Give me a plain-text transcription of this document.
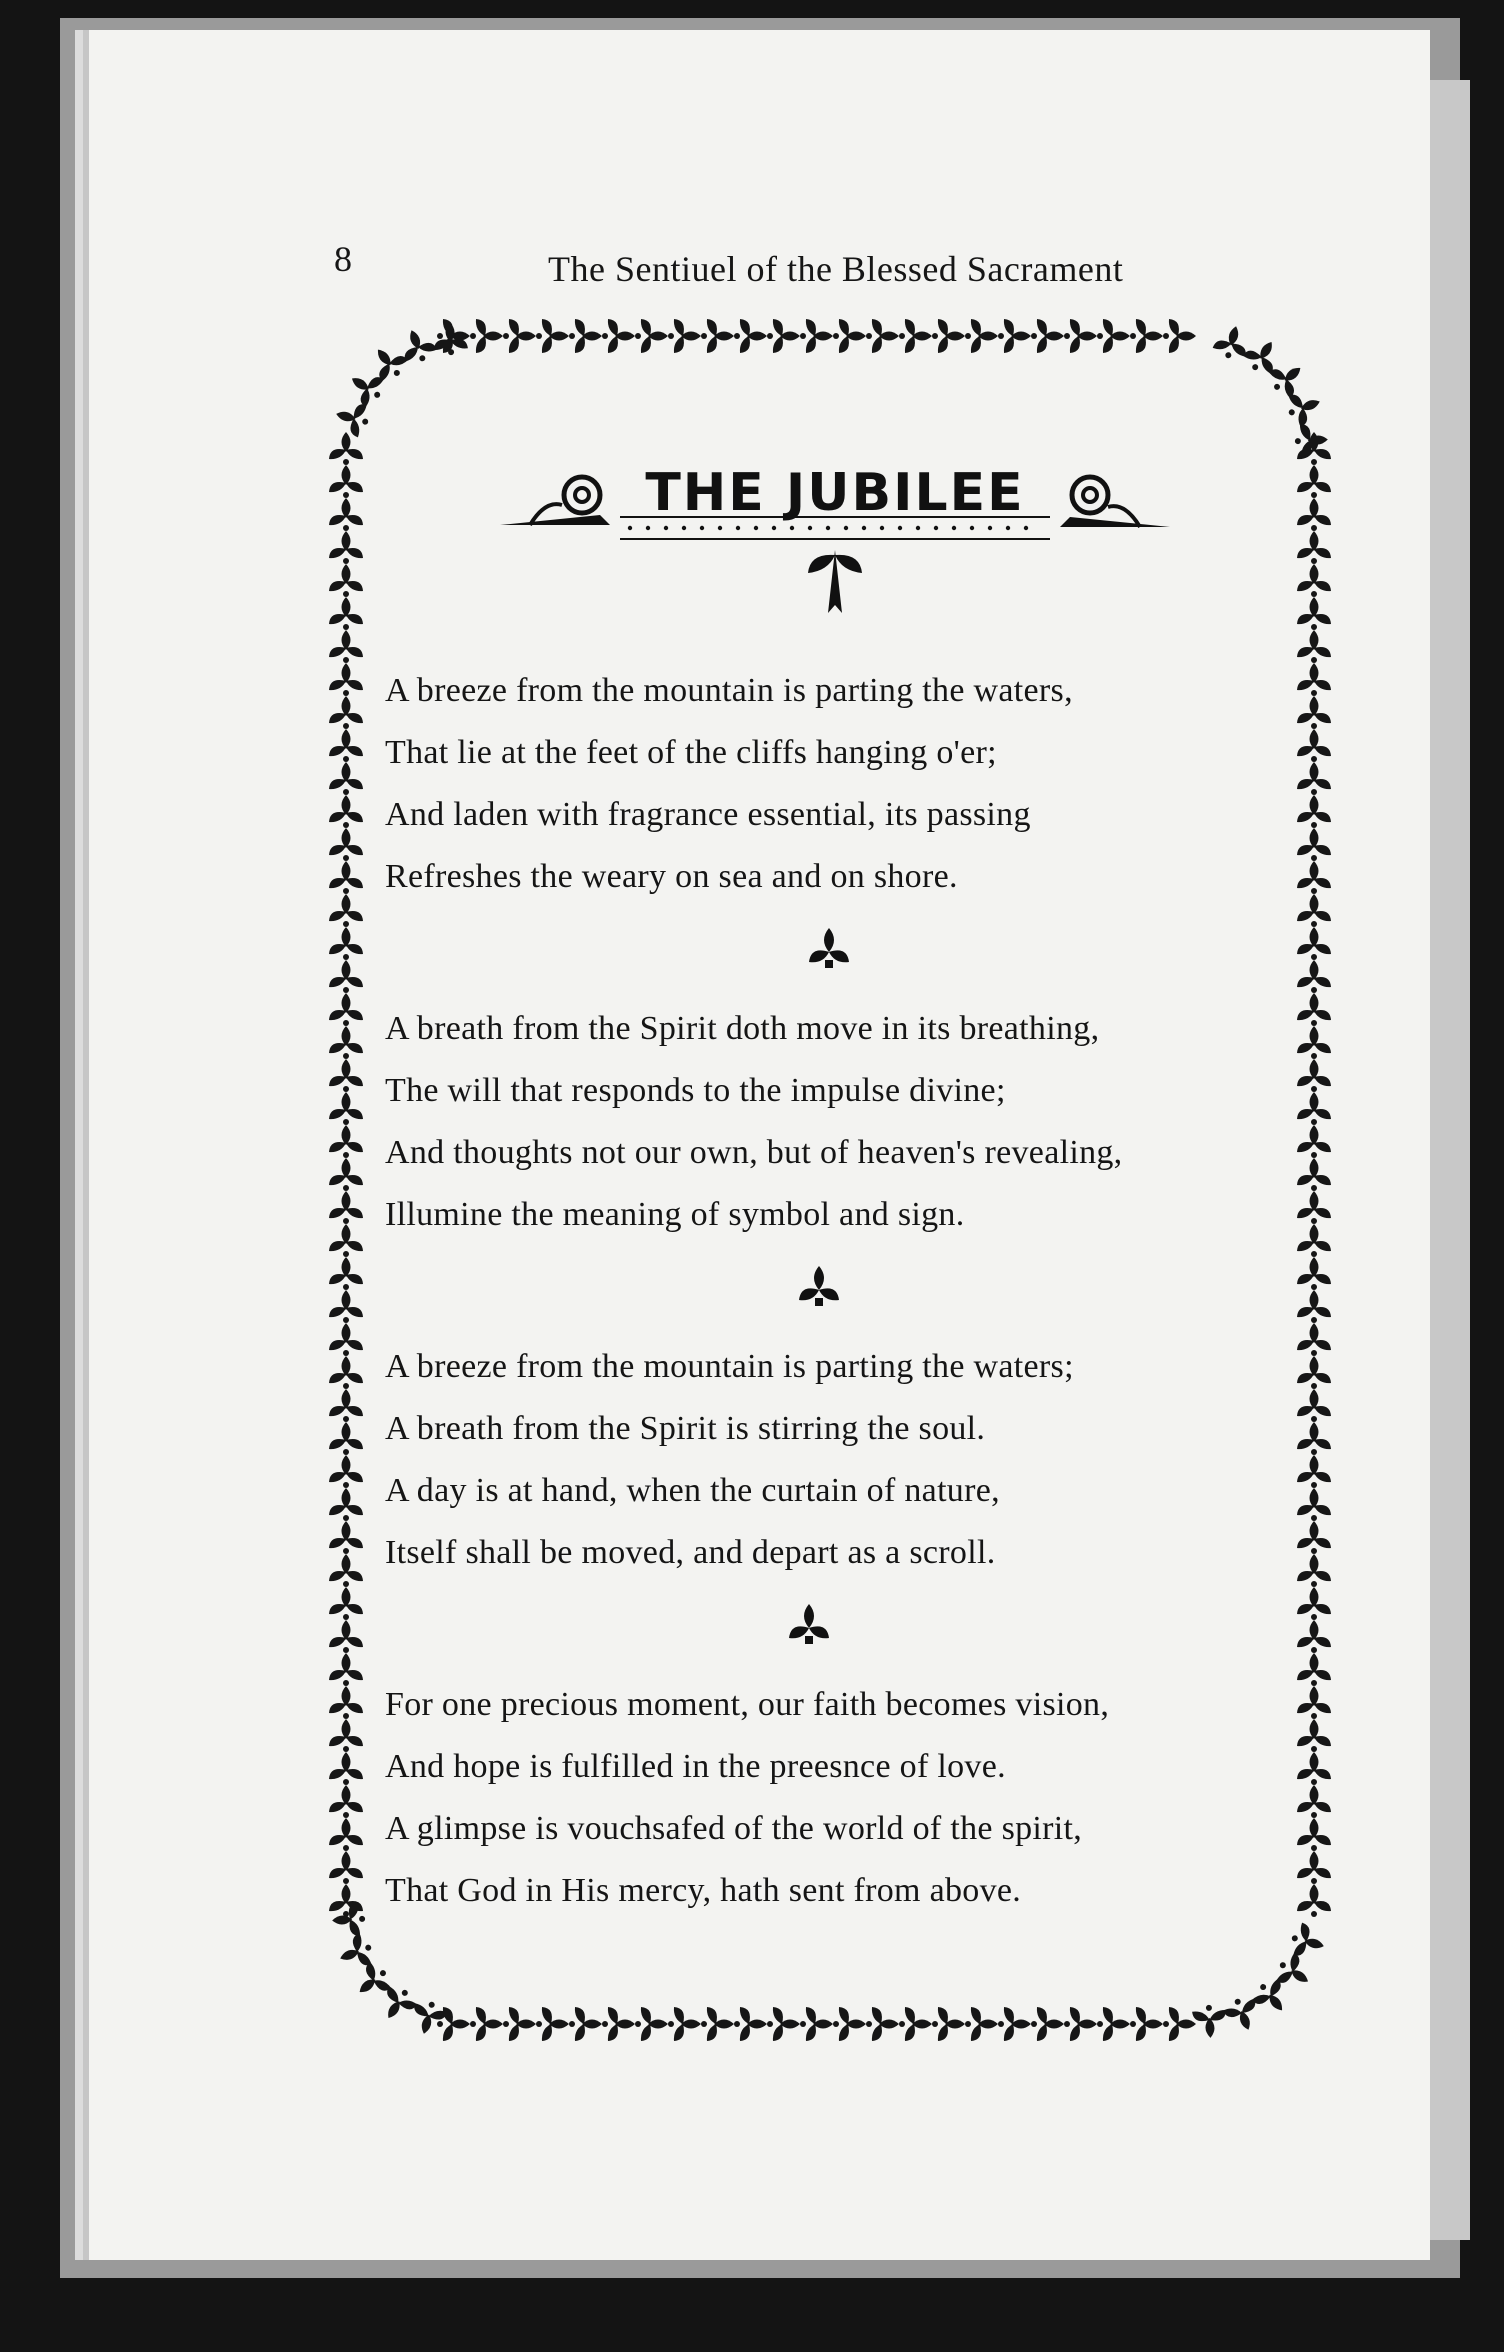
8	The Sentiuel of the Blessed Sacrament
THE JUBILEE
A breeze from the mountain is parting the waters,
That lie at the feet of the cliffs hanging o'er;
And laden with fragrance essential, its passing
Refreshes the weary on sea and on shore.
A breath from the Spirit doth move in its breathing,
The will that responds to the impulse divine;
And thoughts not our own, but of heaven's revealing,
Illumine the meaning of symbol and sign.
A breeze from the mountain is parting the waters;
A breath from the Spirit is stirring the soul.
A day is at hand, when the curtain of nature,
Itself shall be moved, and depart as a scroll.
For one precious moment, our faith becomes vision,
And hope is fulfilled in the preesnce of love.
A glimpse is vouchsafed of the world of the spirit,
That God in His mercy, hath sent from above.
